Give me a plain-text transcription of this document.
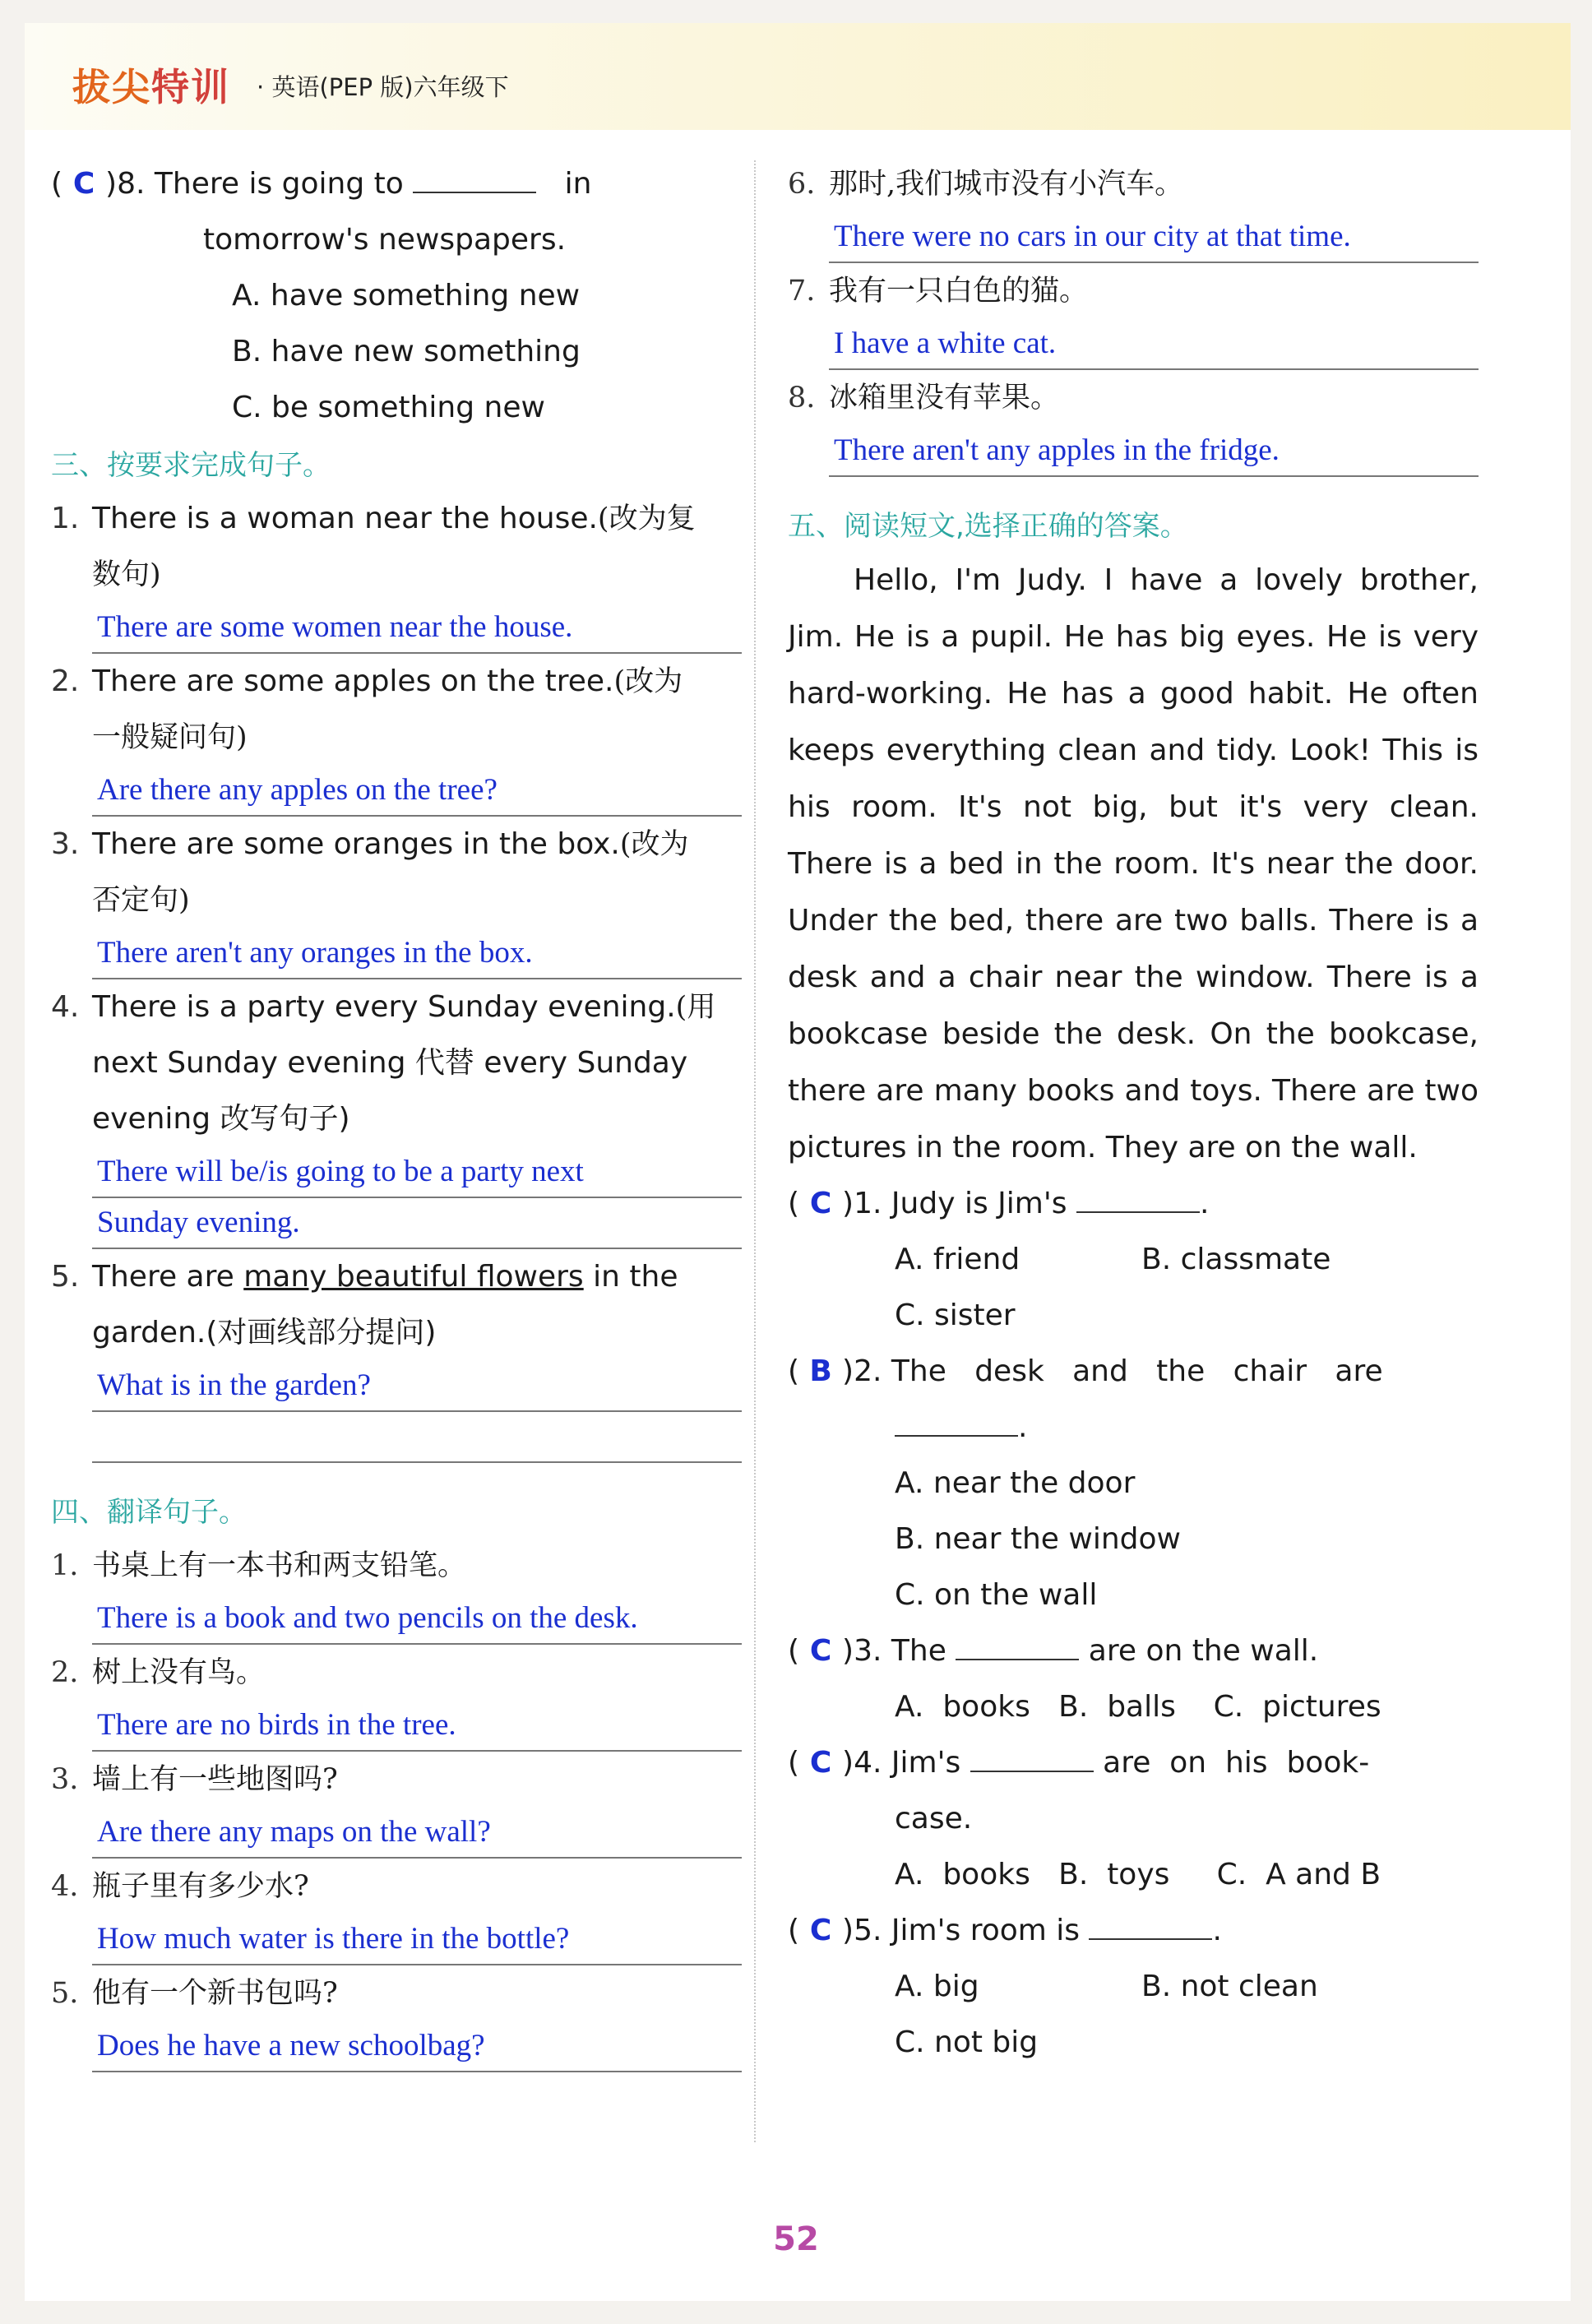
拔尖特训 · 英语(PEP 版)六年级下
( C )8. There is going to	in
tomorrow's newspapers.
A. have something new
B. have new something
C. be something new
三、按要求完成句子。
1. There is a woman near the house.(改为复
数句)
There are some women near the house.
2. There are some apples on the tree.(改为
一般疑问句)
Are there any apples on the tree?
3. There are some oranges in the box.(改为
否定句)
There aren't any oranges in the box.
4. There is a party every Sunday evening.(用
next Sunday evening 代替 every Sunday
evening 改写句子)
There will be/is going to be a party next
Sunday evening.
5. There are many beautiful flowers in the
garden.(对画线部分提问)
What is in the garden?
四、翻译句子。
1. 书桌上有一本书和两支铅笔。
There is a book and two pencils on the desk.
2. 树上没有鸟。
There are no birds in the tree.
3. 墙上有一些地图吗?
Are there any maps on the wall?
4. 瓶子里有多少水?
How much water is there in the bottle?
5. 他有一个新书包吗?
Does he have a new schoolbag?
6. 那时,我们城市没有小汽车。
There were no cars in our city at that time.
7. 我有一只白色的猫。
I have a white cat.
8. 冰箱里没有苹果。
There aren't any apples in the fridge.
五、阅读短文,选择正确的答案。
Hello, I'm Judy. I have a lovely brother, Jim. He is a pupil. He has big eyes. He is very hard-working. He has a good habit. He often keeps everything clean and tidy. Look! This is his room. It's not big, but it's very clean. There is a bed in the room. It's near the door. Under the bed, there are two balls. There is a desk and a chair near the window. There is a bookcase beside the desk. On the bookcase, there are many books and toys. There are two pictures in the room. They are on the wall.
( C )1. Judy is Jim's	.
A. friend	B. classmate
C. sister
( B )2. The   desk   and   the   chair   are
.
A. near the door
B. near the window
C. on the wall
( C )3. The	are on the wall.
A.  books   B.  balls    C.  pictures
( C )4. Jim's	are  on  his  book-
case.
A.  books   B.  toys     C.  A and B
( C )5. Jim's room is	.
A. big	B. not clean
C. not big
52
